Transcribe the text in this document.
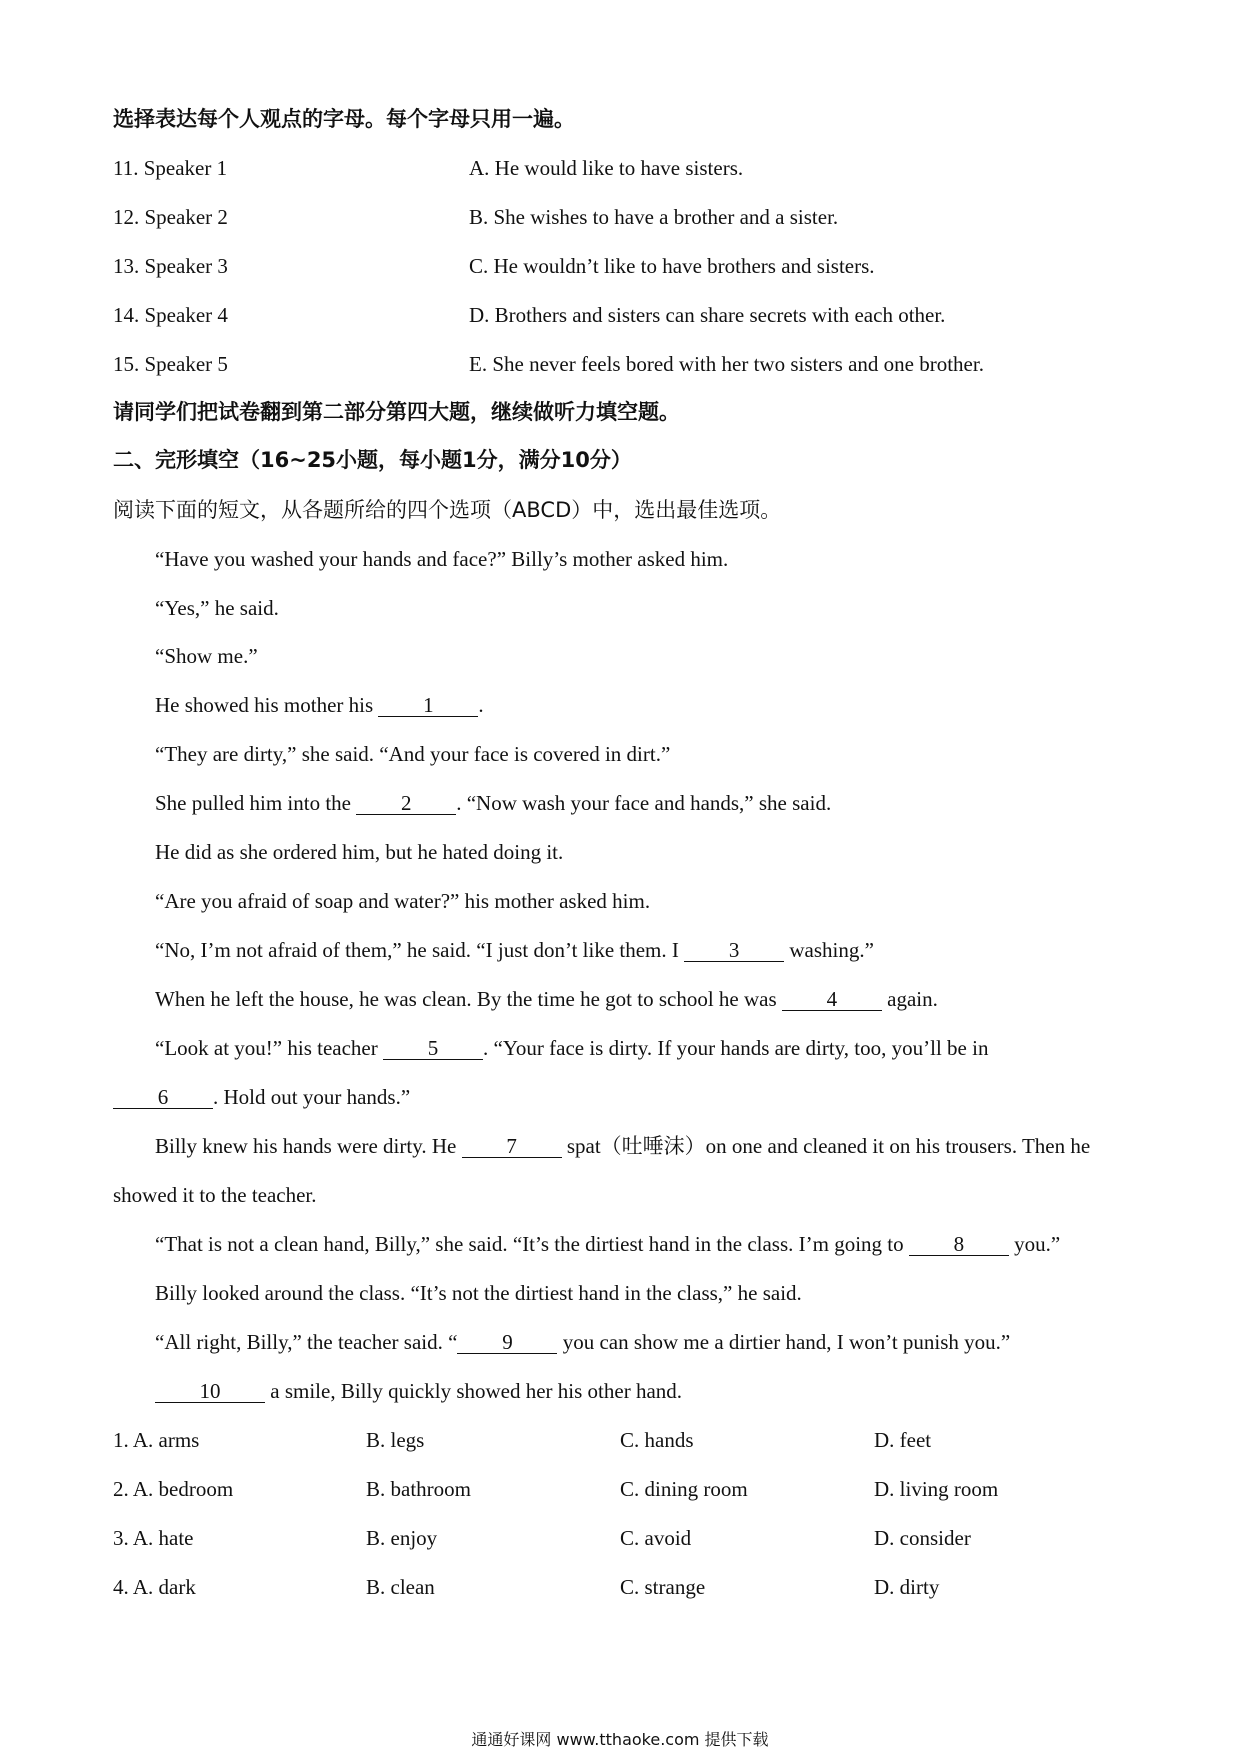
选择表达每个人观点的字母。每个字母只用一遍。
11. Speaker 1	A. He would like to have sisters.
12. Speaker 2	B. She wishes to have a brother and a sister.
13. Speaker 3	C. He wouldn’t like to have brothers and sisters.
14. Speaker 4	D. Brothers and sisters can share secrets with each other.
15. Speaker 5	E. She never feels bored with her two sisters and one brother.
请同学们把试卷翻到第二部分第四大题，继续做听力填空题。
二、完形填空（16~25小题，每小题1分，满分10分）
阅读下面的短文，从各题所给的四个选项（ABCD）中，选出最佳选项。
“Have you washed your hands and face?” Billy’s mother asked him.
“Yes,” he said.
“Show me.”
He showed his mother his 1 .
“They are dirty,” she said. “And your face is covered in dirt.”
She pulled him into the 2 . “Now wash your face and hands,” she said.
He did as she ordered him, but he hated doing it.
“Are you afraid of soap and water?” his mother asked him.
“No, I’m not afraid of them,” he said. “I just don’t like them. I 3 washing.”
When he left the house, he was clean. By the time he got to school he was 4 again.
“Look at you!” his teacher 5 . “Your face is dirty. If your hands are dirty, too, you’ll be in
6 . Hold out your hands.”
Billy knew his hands were dirty. He 7 spat（吐唾沫）on one and cleaned it on his trousers. Then he
showed it to the teacher.
“That is not a clean hand, Billy,” she said. “It’s the dirtiest hand in the class. I’m going to 8 you.”
Billy looked around the class. “It’s not the dirtiest hand in the class,” he said.
“All right, Billy,” the teacher said. “ 9 you can show me a dirtier hand, I won’t punish you.”
10 a smile, Billy quickly showed her his other hand.
1. A. arms	B. legs	C. hands	D. feet
2. A. bedroom	B. bathroom	C. dining room	D. living room
3. A. hate	B. enjoy	C. avoid	D. consider
4. A. dark	B. clean	C. strange	D. dirty
通通好课网 www.tthaoke.com 提供下载
